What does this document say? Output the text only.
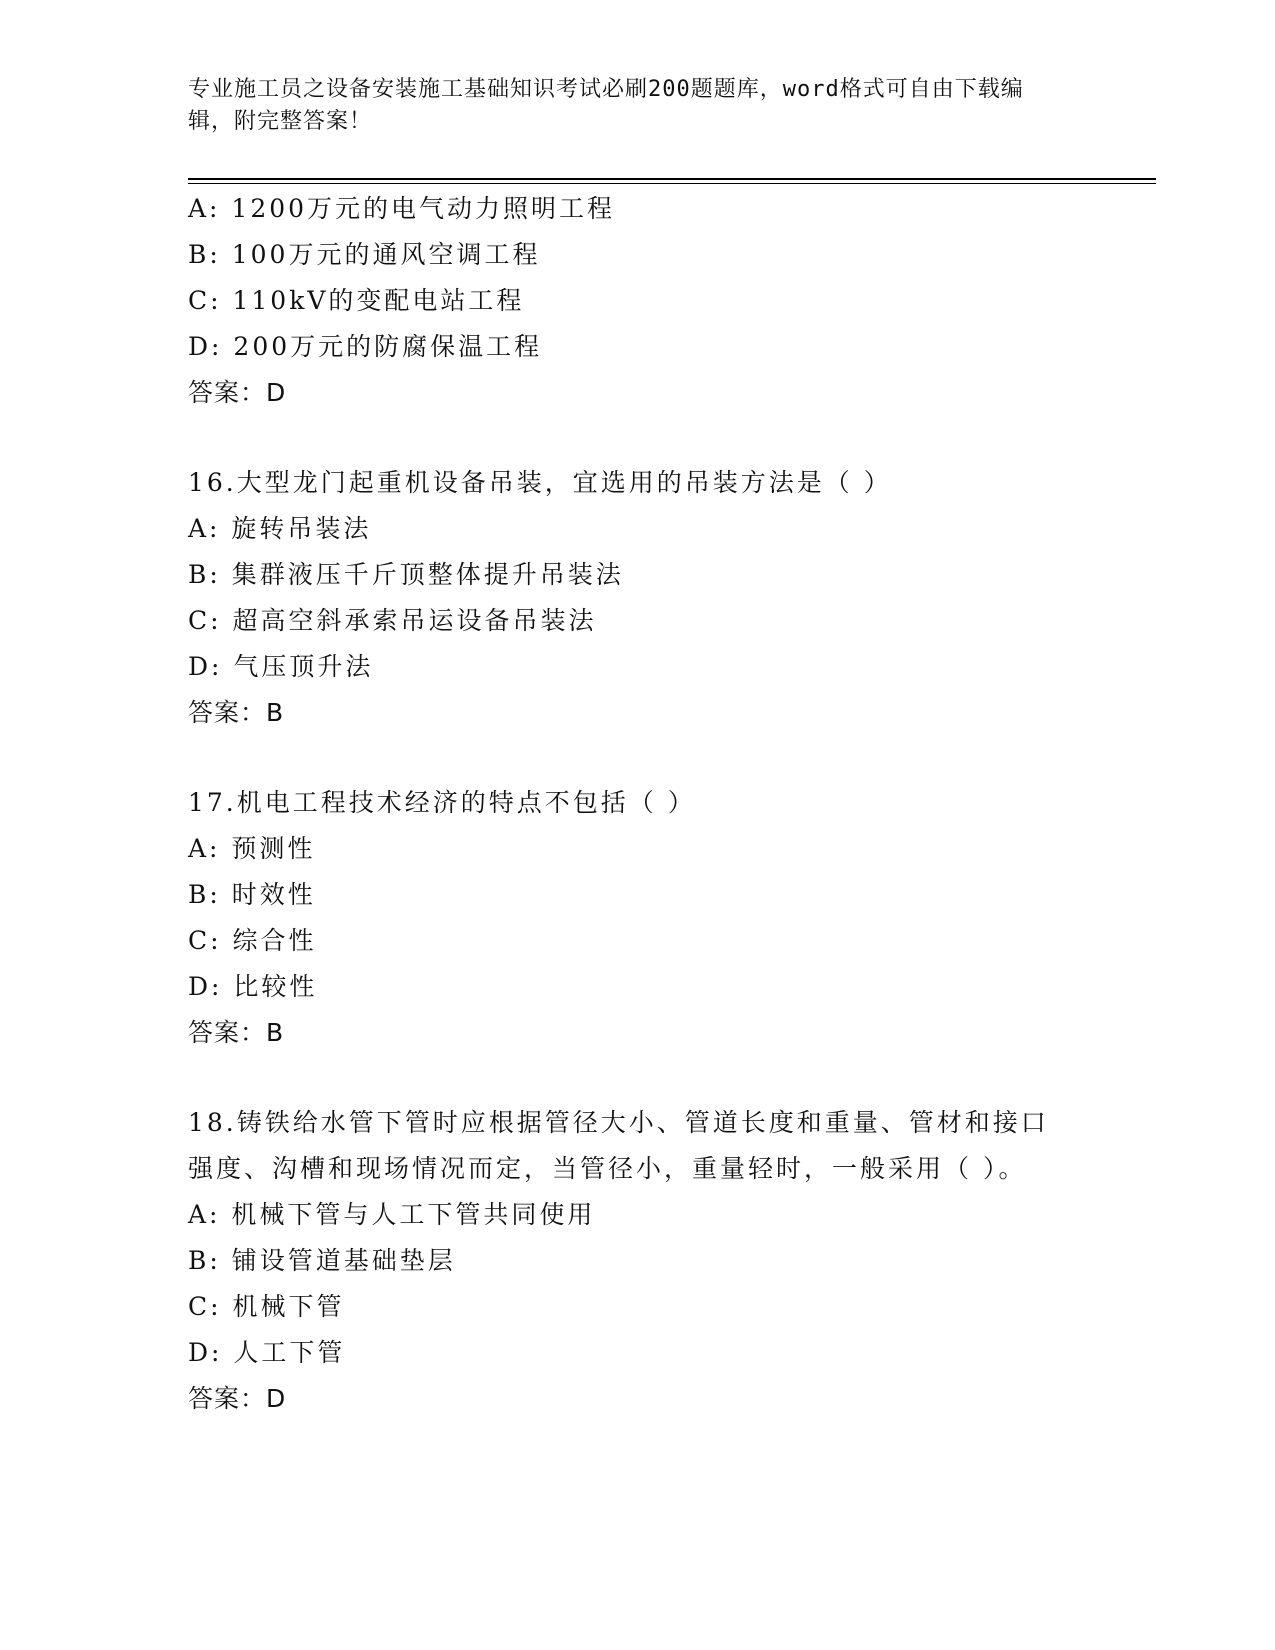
专业施工员之设备安装施工基础知识考试必刷200题题库，word格式可自由下载编辑，附完整答案！
A: 1200万元的电气动力照明工程
B: 100万元的通风空调工程
C: 110kV的变配电站工程
D: 200万元的防腐保温工程
答案：D
16.大型龙门起重机设备吊装，宜选用的吊装方法是（ ）
A: 旋转吊装法
B: 集群液压千斤顶整体提升吊装法
C: 超高空斜承索吊运设备吊装法
D: 气压顶升法
答案：B
17.机电工程技术经济的特点不包括（ ）
A: 预测性
B: 时效性
C: 综合性
D: 比较性
答案：B
18.铸铁给水管下管时应根据管径大小、管道长度和重量、管材和接口强度、沟槽和现场情况而定，当管径小，重量轻时，一般采用（ ）。
A: 机械下管与人工下管共同使用
B: 铺设管道基础垫层
C: 机械下管
D: 人工下管
答案：D
